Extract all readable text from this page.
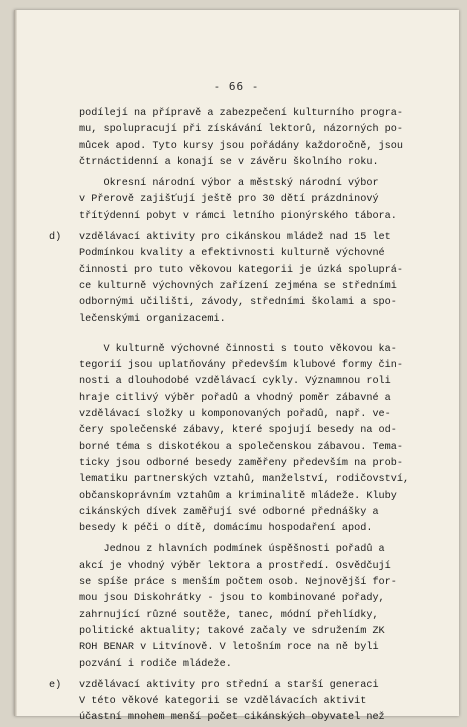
- 66 -
podílejí na přípravě a zabezpečení kulturního progra-
mu, spolupracují při získávání lektorů, názorných po-
můcek apod. Tyto kursy jsou pořádány každoročně, jsou
čtrnáctidenní a konají se v závěru školního roku.
Okresní národní výbor a městský národní výbor
v Přerově zajišťují ještě pro 30 dětí prázdninový
třítýdenní pobyt v rámci letního pionýrského tábora.
d) vzdělávací aktivity pro cikánskou mládež nad 15 let
Podmínkou kvality a efektivnosti kulturně výchovné
činnosti pro tuto věkovou kategorii je úzká spoluprá-
ce kulturně výchovných zařízení zejména se středními
odbornými učilišti, závody, středními školami a spo-
lečenskými organizacemi.
V kulturně výchovné činnosti s touto věkovou ka-
tegorií jsou uplatňovány především klubové formy čin-
nosti a dlouhodobé vzdělávací cykly. Významnou roli
hraje citlivý výběr pořadů a vhodný poměr zábavné a
vzdělávací složky u komponovaných pořadů, např. ve-
čery společenské zábavy, které spojují besedy na od-
borné téma s diskotékou a společenskou zábavou. Tema-
ticky jsou odborné besedy zaměřeny především na prob-
lematiku partnerských vztahů, manželství, rodičovství,
občanskoprávním vztahům a kriminalitě mládeže. Kluby
cikánských dívek zaměřují své odborné přednášky a
besedy k péči o dítě, domácímu hospodaření apod.
Jednou z hlavních podmínek úspěšnosti pořadů a
akcí je vhodný výběr lektora a prostředí. Osvědčují
se spíše práce s menším počtem osob. Nejnovější for-
mou jsou Diskohrátky - jsou to kombinované pořady,
zahrnující různé soutěže, tanec, módní přehlídky,
politické aktuality; takové začaly ve sdružením ZK
ROH BENAR v Litvínově. V letošním roce na ně byli
pozvání i rodiče mládeže.
e) vzdělávací aktivity pro střední a starší generaci
V této věkové kategorii se vzdělávacích aktivit
účastní mnohem menší počet cikánských obyvatel než
